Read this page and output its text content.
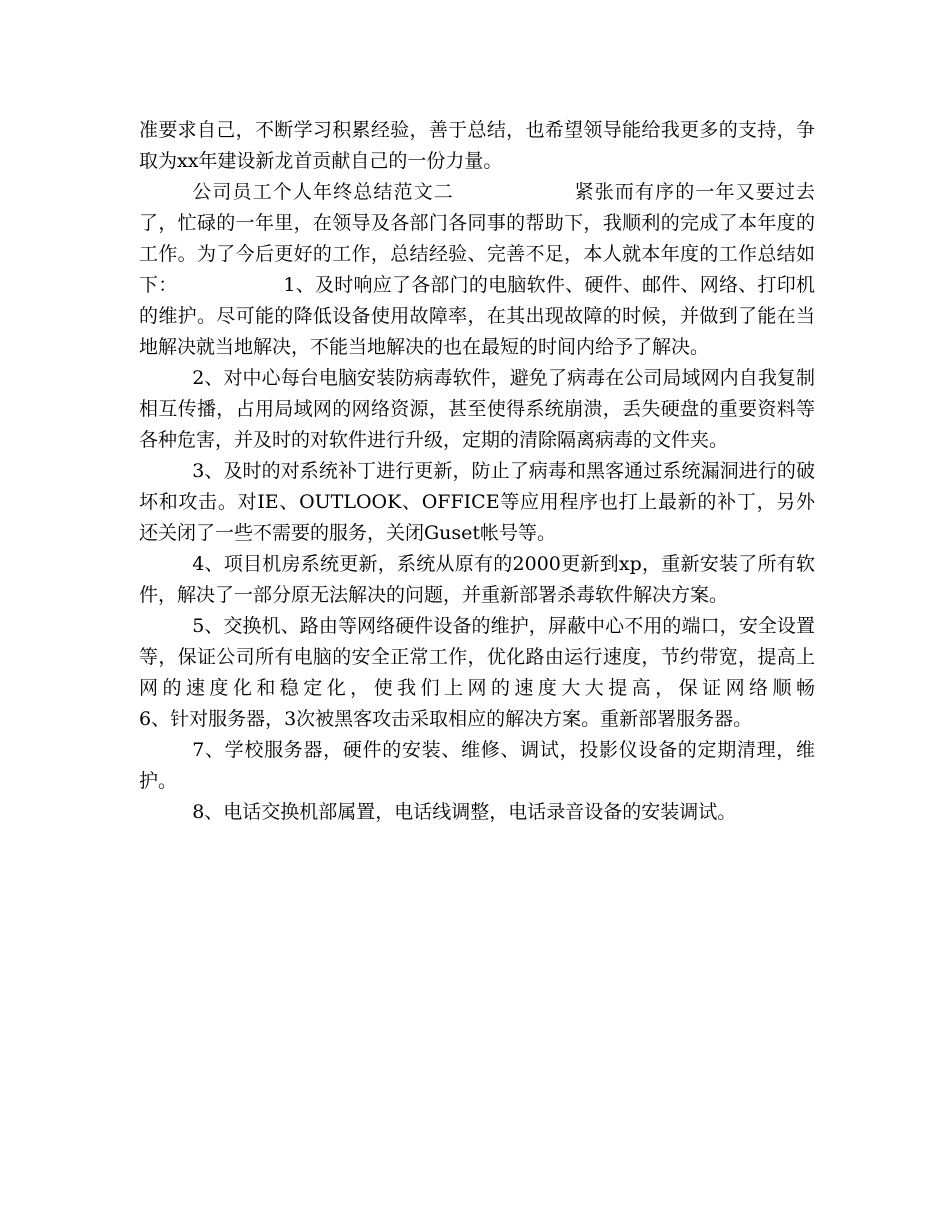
准要求自己，不断学习积累经验，善于总结，也希望领导能给我更多的支持，争取为xx年建设新龙首贡献自己的一份力量。

公司员工个人年终总结范文二　　　　　　紧张而有序的一年又要过去了，忙碌的一年里，在领导及各部门各同事的帮助下，我顺利的完成了本年度的工作。为了今后更好的工作，总结经验、完善不足，本人就本年度的工作总结如下：　　　　　　1、及时响应了各部门的电脑软件、硬件、邮件、网络、打印机的维护。尽可能的降低设备使用故障率，在其出现故障的时候，并做到了能在当地解决就当地解决，不能当地解决的也在最短的时间内给予了解决。

2、对中心每台电脑安装防病毒软件，避免了病毒在公司局域网内自我复制相互传播，占用局域网的网络资源，甚至使得系统崩溃，丢失硬盘的重要资料等各种危害，并及时的对软件进行升级，定期的清除隔离病毒的文件夹。

3、及时的对系统补丁进行更新，防止了病毒和黑客通过系统漏洞进行的破坏和攻击。对IE、OUTLOOK、OFFICE等应用程序也打上最新的补丁，另外还关闭了一些不需要的服务，关闭Guset帐号等。

4、项目机房系统更新，系统从原有的2000更新到xp，重新安装了所有软件，解决了一部分原无法解决的问题，并重新部署杀毒软件解决方案。

5、交换机、路由等网络硬件设备的维护，屏蔽中心不用的端口，安全设置等，保证公司所有电脑的安全正常工作，优化路由运行速度，节约带宽，提高上网的速度化和稳定化，使我们上网的速度大大提高，保证网络顺畅　　　　　6、针对服务器，3次被黑客攻击采取相应的解决方案。重新部署服务器。

7、学校服务器，硬件的安装、维修、调试，投影仪设备的定期清理，维护。

8、电话交换机部属置，电话线调整，电话录音设备的安装调试。
